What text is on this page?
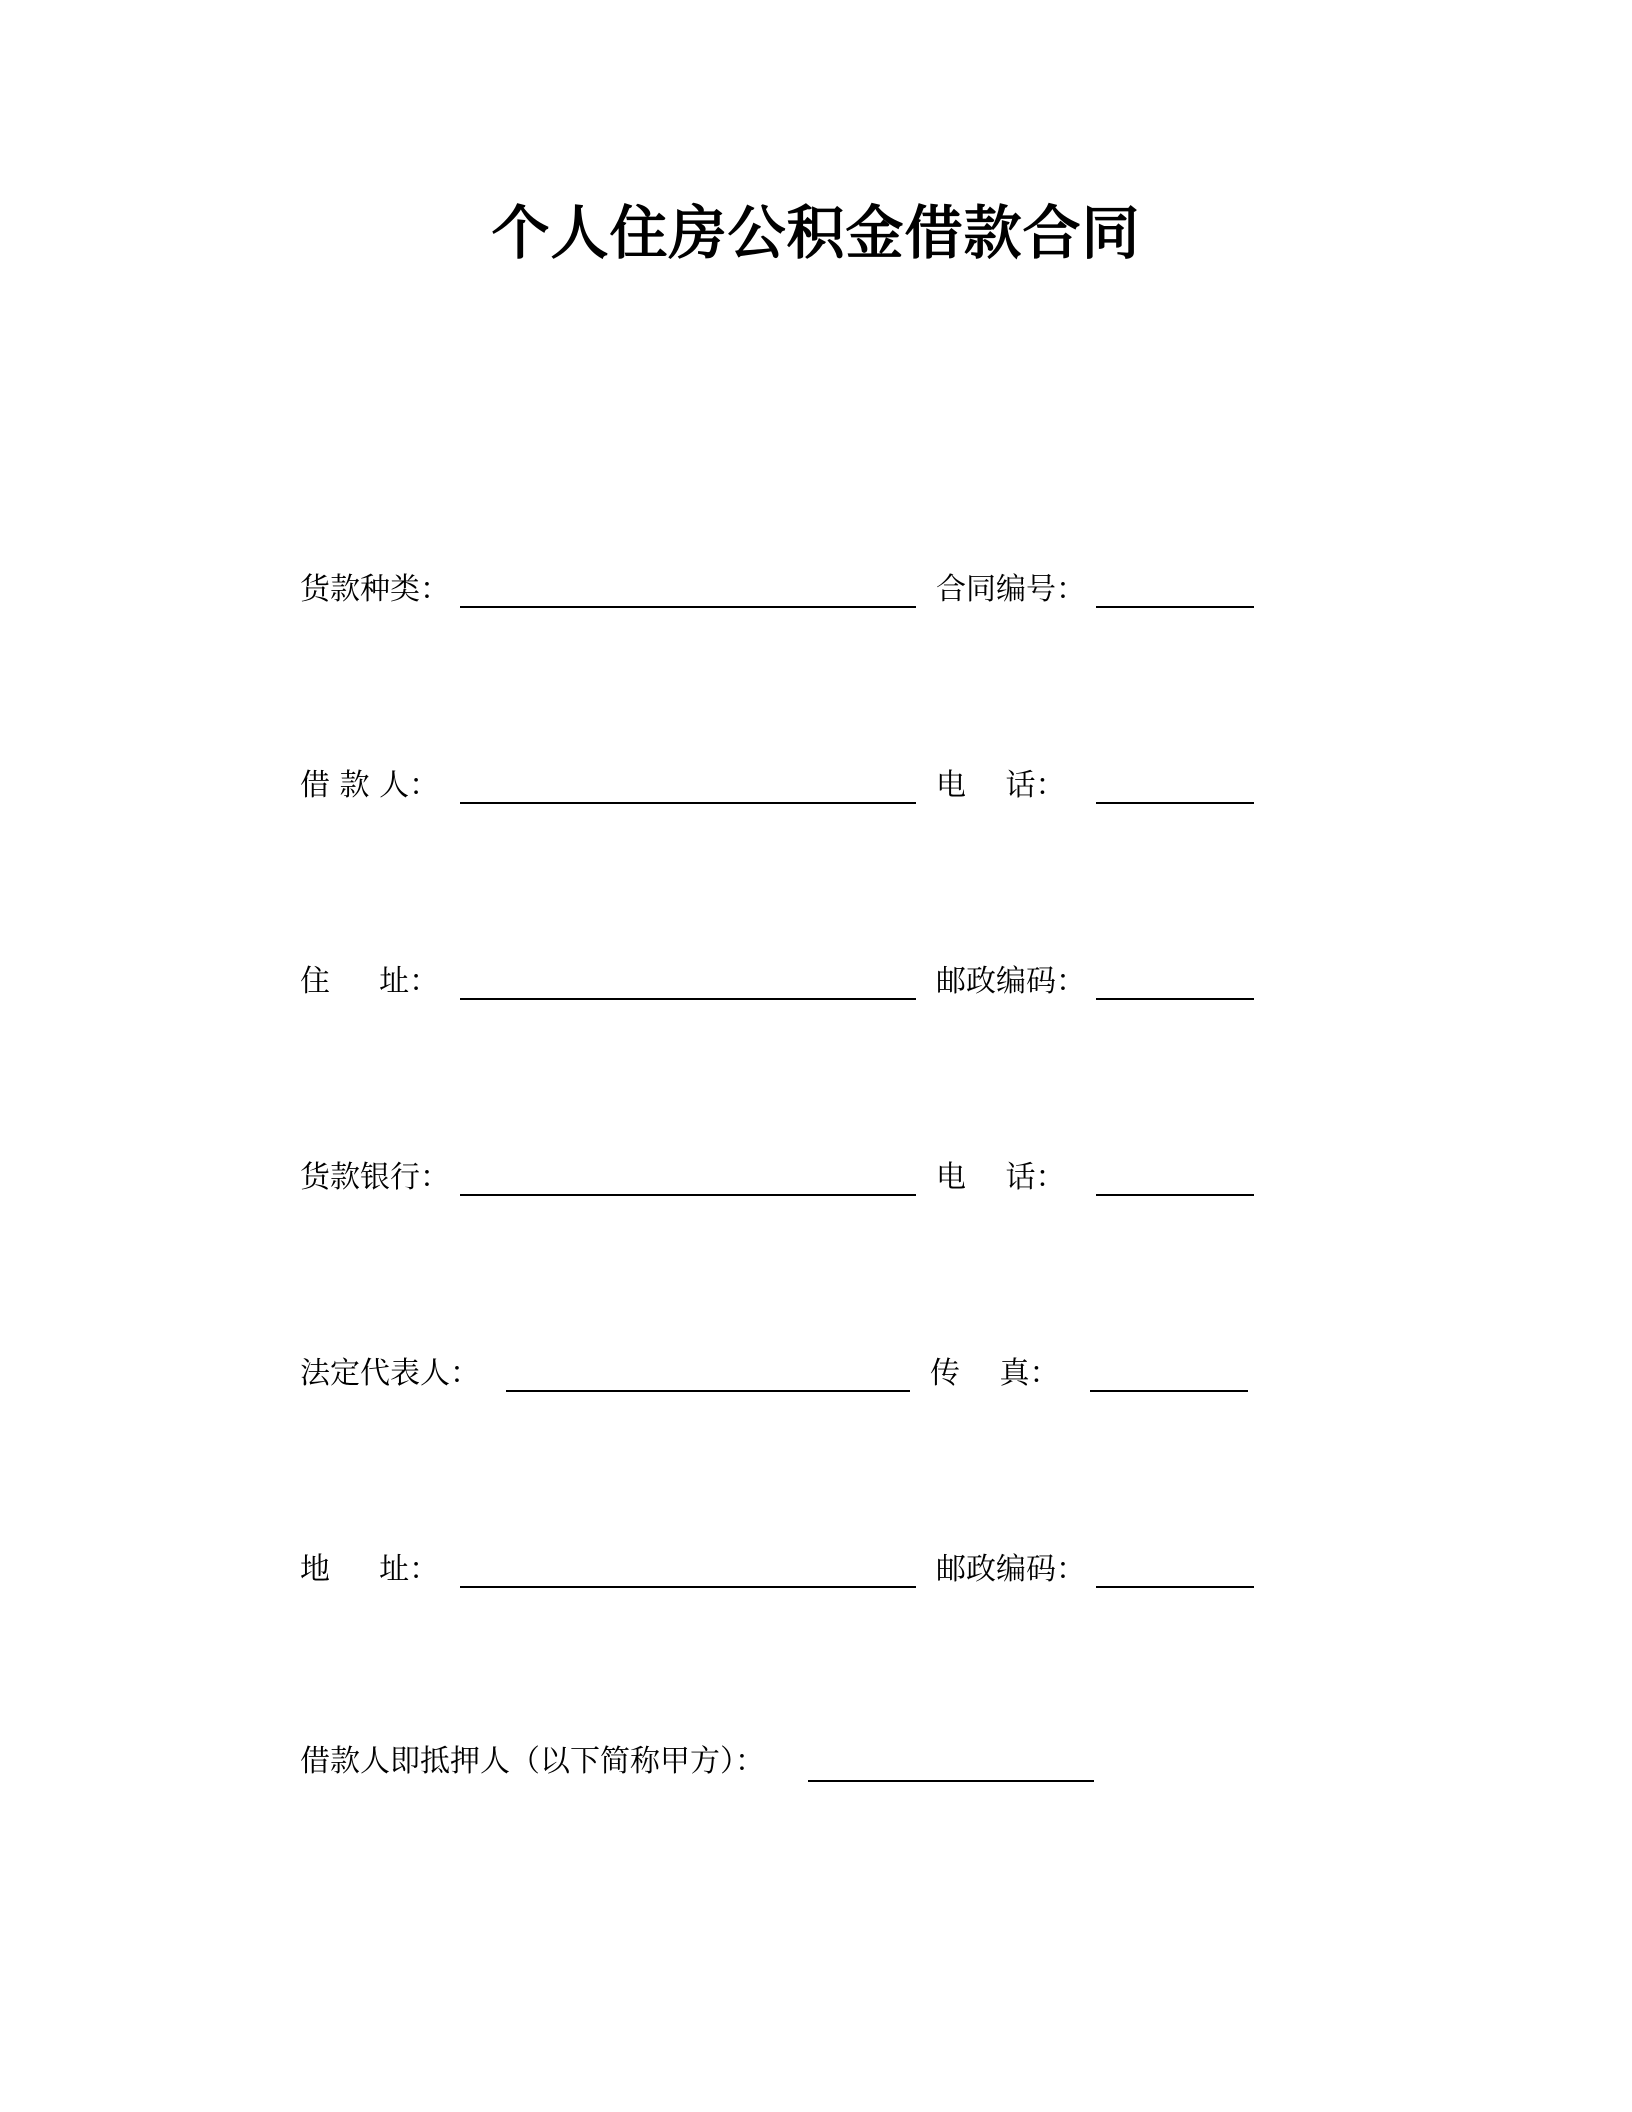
个人住房公积金借款合同
货款种类：	合同编号：
借 款 人：	电 　话：
住 　 址：	邮政编码：
货款银行：	电 　话：
法定代表人：	传 　真：
地 　 址：	邮政编码：
借款人即抵押人（以下简称甲方）：
